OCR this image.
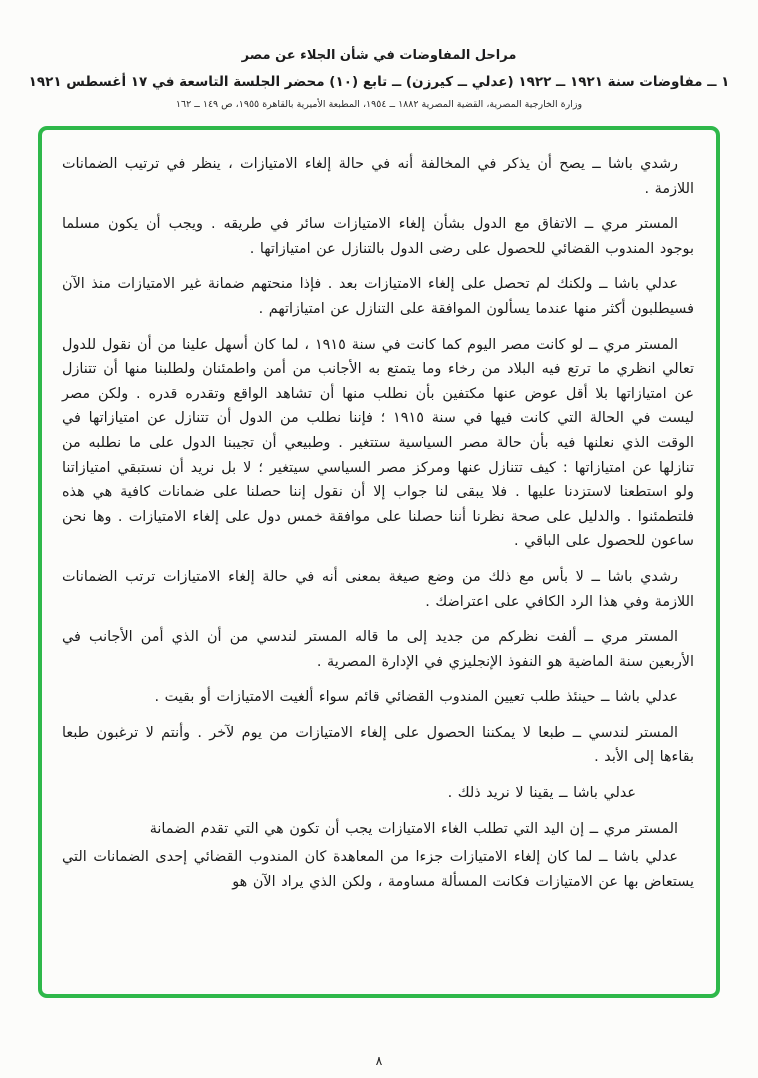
مراحل المفاوضات في شأن الجلاء عن مصر
١ ــ مفاوضات سنة ١٩٢١ ــ ١٩٢٢ (عدلي ــ كيرزن) ــ تابع (١٠) محضر الجلسة التاسعة في ١٧ أغسطس ١٩٢١
وزارة الخارجية المصرية، القضية المصرية ١٨٨٢ ــ ١٩٥٤، المطبعة الأميرية بالقاهرة ١٩٥٥، ص ١٤٩ ــ ١٦٢

رشدي باشا ــ يصح أن يذكر في المخالفة أنه في حالة إلغاء الامتيازات ، ينظر في ترتيب الضمانات اللازمة .

المستر مري ــ الاتفاق مع الدول بشأن إلغاء الامتيازات سائر في طريقه . ويجب أن يكون مسلما بوجود المندوب القضائي للحصول على رضى الدول بالتنازل عن امتيازاتها .

عدلي باشا ــ ولكنك لم تحصل على إلغاء الامتيازات بعد . فإذا منحتهم ضمانة غير الامتيازات منذ الآن فسيطلبون أكثر منها عندما يسألون الموافقة على التنازل عن امتيازاتهم .

المستر مري ــ لو كانت مصر اليوم كما كانت في سنة ١٩١٥ ، لما كان أسهل علينا من أن نقول للدول تعالي انظري ما ترتع فيه البلاد من رخاء وما يتمتع به الأجانب من أمن واطمئنان ولطلبنا منها أن تتنازل عن امتيازاتها بلا أقل عوض عنها مكتفين بأن نطلب منها أن تشاهد الواقع وتقدره قدره . ولكن مصر ليست في الحالة التي كانت فيها في سنة ١٩١٥ ؛ فإننا نطلب من الدول أن تتنازل عن امتيازاتها في الوقت الذي نعلنها فيه بأن حالة مصر السياسية ستتغير . وطبيعي أن تجيبنا الدول على ما نطلبه من تنازلها عن امتيازاتها : كيف تتنازل عنها ومركز مصر السياسي سيتغير ؛ لا بل نريد أن نستبقي امتيازاتنا ولو استطعنا لاستزدنا عليها . فلا يبقى لنا جواب إلا أن نقول إننا حصلنا على ضمانات كافية هي هذه فلتطمئنوا . والدليل على صحة نظرنا أننا حصلنا على موافقة خمس دول على إلغاء الامتيازات . وها نحن ساعون للحصول على الباقي .

رشدي باشا ــ لا بأس مع ذلك من وضع صيغة بمعنى أنه في حالة إلغاء الامتيازات ترتب الضمانات اللازمة وفي هذا الرد الكافي على اعتراضك .

المستر مري ــ ألفت نظركم من جديد إلى ما قاله المستر لندسي من أن الذي أمن الأجانب في الأربعين سنة الماضية هو النفوذ الإنجليزي في الإدارة المصرية .

عدلي باشا ــ حينئذ طلب تعيين المندوب القضائي قائم سواء ألغيت الامتيازات أو بقيت .

المستر لندسي ــ طبعا لا يمكننا الحصول على إلغاء الامتيازات من يوم لآخر . وأنتم لا ترغبون طبعا بقاءها إلى الأبد .

عدلي باشا ــ يقينا لا نريد ذلك .

المستر مري ــ إن اليد التي تطلب الغاء الامتيازات يجب أن تكون هي التي تقدم الضمانة

عدلي باشا ــ لما كان إلغاء الامتيازات جزءا من المعاهدة كان المندوب القضائي إحدى الضمانات التي يستعاض بها عن الامتيازات فكانت المسألة مساومة ، ولكن الذي يراد الآن هو

٨
